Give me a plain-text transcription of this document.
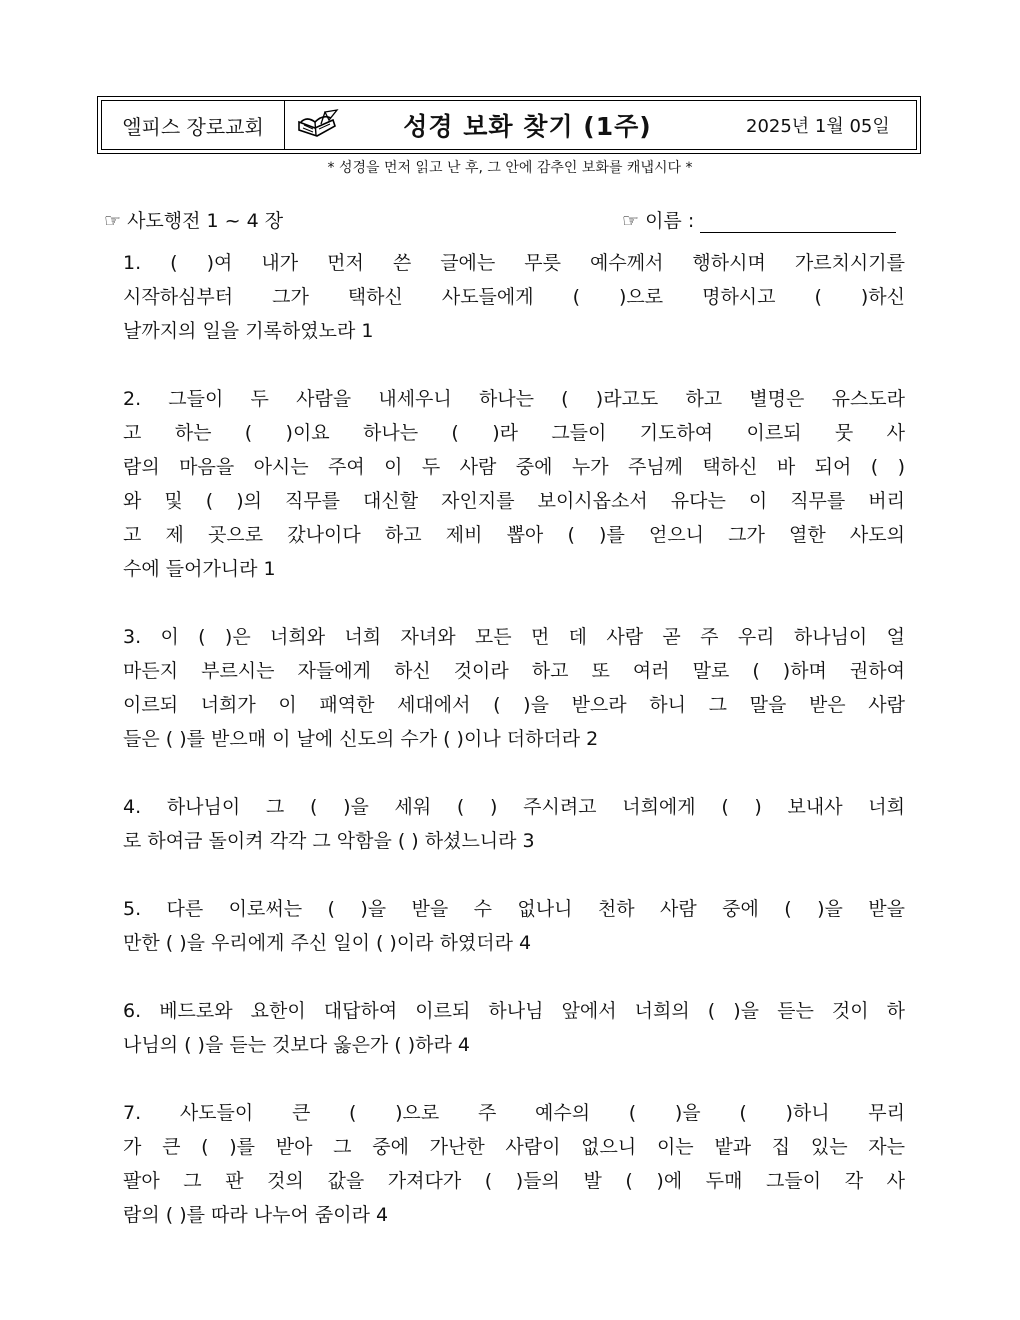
엘피스 장로교회	성경 보화 찾기 (1주)	2025년 1월 05일
* 성경을 먼저 읽고 난 후, 그 안에 감추인 보화를 캐냅시다 *
☞ 사도행전 1 ~ 4 장	☞ 이름 :
1. ( )여 내가 먼저 쓴 글에는 무릇 예수께서 행하시며 가르치시기를
시작하심부터 그가 택하신 사도들에게 ( )으로 명하시고 ( )하신
날까지의 일을 기록하였노라 1
2. 그들이 두 사람을 내세우니 하나는 ( )라고도 하고 별명은 유스도라
고 하는 ( )이요 하나는 ( )라 그들이 기도하여 이르되 뭇 사
람의 마음을 아시는 주여 이 두 사람 중에 누가 주님께 택하신 바 되어 ( )
와 및 ( )의 직무를 대신할 자인지를 보이시옵소서 유다는 이 직무를 버리
고 제 곳으로 갔나이다 하고 제비 뽑아 ( )를 얻으니 그가 열한 사도의
수에 들어가니라 1
3. 이 ( )은 너희와 너희 자녀와 모든 먼 데 사람 곧 주 우리 하나님이 얼
마든지 부르시는 자들에게 하신 것이라 하고 또 여러 말로 ( )하며 권하여
이르되 너희가 이 패역한 세대에서 ( )을 받으라 하니 그 말을 받은 사람
들은 ( )를 받으매 이 날에 신도의 수가 ( )이나 더하더라 2
4. 하나님이 그 ( )을 세워 ( ) 주시려고 너희에게 ( ) 보내사 너희
로 하여금 돌이켜 각각 그 악함을 ( ) 하셨느니라 3
5. 다른 이로써는 ( )을 받을 수 없나니 천하 사람 중에 ( )을 받을
만한 ( )을 우리에게 주신 일이 ( )이라 하였더라 4
6. 베드로와 요한이 대답하여 이르되 하나님 앞에서 너희의 ( )을 듣는 것이 하
나님의 ( )을 듣는 것보다 옳은가 ( )하라 4
7. 사도들이 큰 ( )으로 주 예수의 ( )을 ( )하니 무리
가 큰 ( )를 받아 그 중에 가난한 사람이 없으니 이는 밭과 집 있는 자는
팔아 그 판 것의 값을 가져다가 ( )들의 발 ( )에 두매 그들이 각 사
람의 ( )를 따라 나누어 줌이라 4
